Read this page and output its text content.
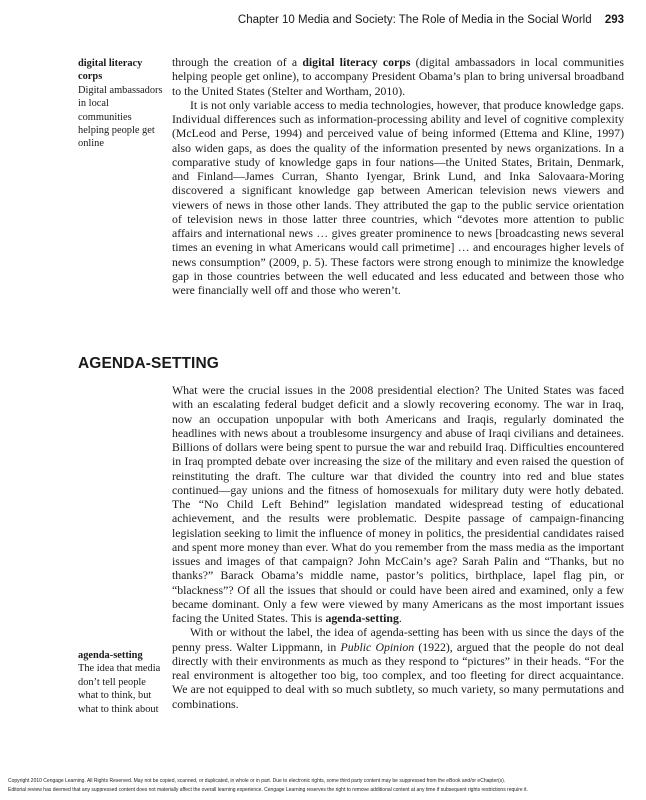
Chapter 10 Media and Society: The Role of Media in the Social World 293
digital literacy corps
Digital ambassadors in local communities helping people get online

through the creation of a digital literacy corps (digital ambassadors in local communities helping people get online), to accompany President Obama’s plan to bring universal broadband to the United States (Stelter and Wortham, 2010).

It is not only variable access to media technologies, however, that produce knowledge gaps. Individual differences such as information-processing ability and level of cognitive complexity (McLeod and Perse, 1994) and perceived value of being informed (Ettema and Kline, 1997) also widen gaps, as does the quality of the information presented by news organizations. In a comparative study of knowledge gaps in four nations—the United States, Britain, Denmark, and Finland—James Curran, Shanto Iyengar, Brink Lund, and Inka Salovaara-Moring discovered a significant knowledge gap between American television news viewers and viewers of news in those other lands. They attributed the gap to the public service orientation of television news in those latter three countries, which “devotes more attention to public affairs and international news … gives greater prominence to news [broadcasting news several times an evening in what Americans would call primetime] … and encourages higher levels of news consumption” (2009, p. 5). These factors were strong enough to minimize the knowledge gap in those countries between the well educated and less educated and between those who were financially well off and those who weren’t.

AGENDA-SETTING

What were the crucial issues in the 2008 presidential election? The United States was faced with an escalating federal budget deficit and a slowly recovering economy. The war in Iraq, now an occupation unpopular with both Americans and Iraqis, regularly dominated the headlines with news about a troublesome insurgency and abuse of Iraqi civilians and detainees. Billions of dollars were being spent to pursue the war and rebuild Iraq. Difficulties encountered in Iraq prompted debate over increasing the size of the military and even raised the question of reinstituting the draft. The culture war that divided the country into red and blue states continued—gay unions and the fitness of homosexuals for military duty were hotly debated. The “No Child Left Behind” legislation mandated widespread testing of educational achievement, and the results were problematic. Despite passage of campaign-financing legislation seeking to limit the influence of money in politics, the presidential candidates raised and spent more money than ever. What do you remember from the mass media as the important issues and images of that campaign? John McCain’s age? Sarah Palin and “Thanks, but no thanks?” Barack Obama’s middle name, pastor’s politics, birthplace, lapel flag pin, or “blackness”? Of all the issues that should or could have been aired and examined, only a few became dominant. Only a few were viewed by many Americans as the most important issues facing the United States. This is agenda-setting.

With or without the label, the idea of agenda-setting has been with us since the days of the penny press. Walter Lippmann, in Public Opinion (1922), argued that the people do not deal directly with their environments as much as they respond to “pictures” in their heads. “For the real environment is altogether too big, too complex, and too fleeting for direct acquaintance. We are not equipped to deal with so much subtlety, so much variety, so many permutations and combinations.

agenda-setting
The idea that media don’t tell people what to think, but what to think about
Copyright 2010 Cengage Learning. All Rights Reserved. May not be copied, scanned, or duplicated, in whole or in part. Due to electronic rights, some third party content may be suppressed from the eBook and/or eChapter(s).
Editorial review has deemed that any suppressed content does not materially affect the overall learning experience. Cengage Learning reserves the right to remove additional content at any time if subsequent rights restrictions require it.
